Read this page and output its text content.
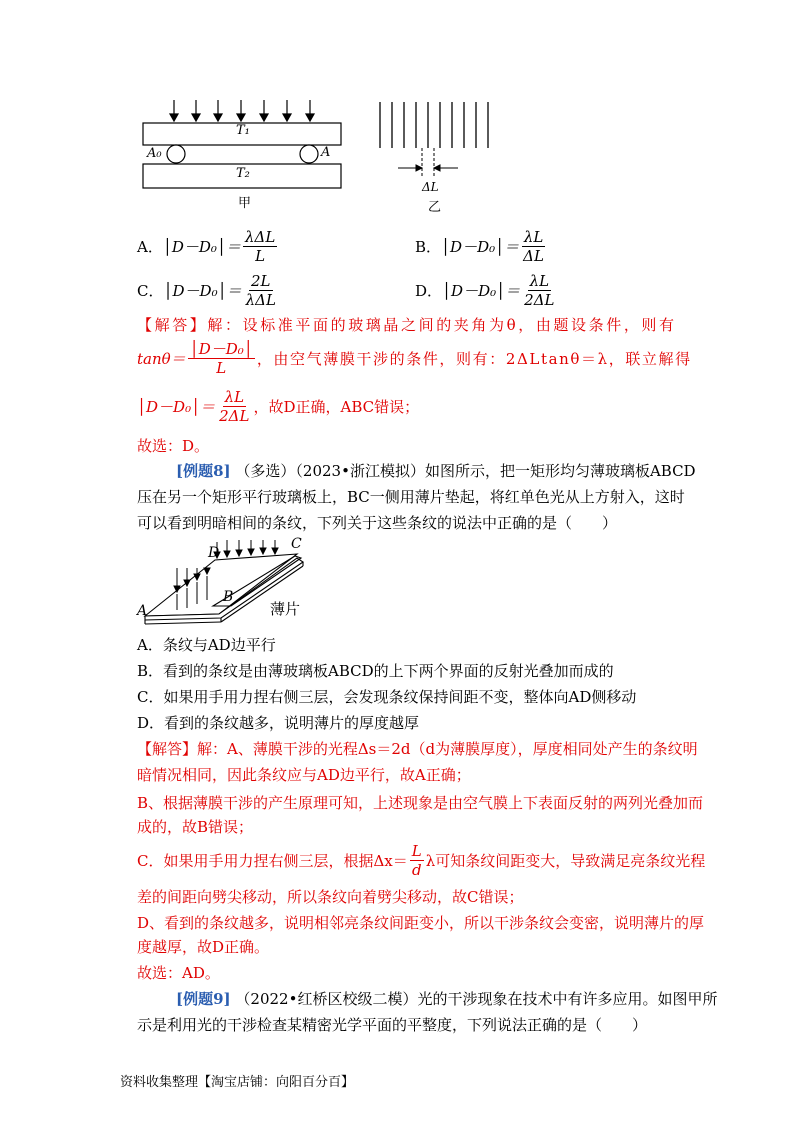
T₁
T₂
A₀	A
甲
ΔL
乙
A． │D－D₀│＝ $\frac{\text{λΔL}}{L}$	B． │D－D₀│＝ $\frac{\lambda L}{\Delta L}$
C． │D－D₀│＝ $\frac{2L}{\text{λΔL}}$	D． │D－D₀│＝ $\frac{\lambda L}{2\Delta L}$
【解答】解：设标准平面的玻璃晶之间的夹角为θ，由题设条件，则有
$\tan\theta= \frac{\text{│D－D₀│}}{L}$ ，由空气薄膜干涉的条件，则有：2ΔLtanθ＝λ，联立解得
│D－D₀│＝ $\frac{\lambda L}{2\Delta L}$ ，故D正确，ABC错误；
故选：D。
[例题8] （多选）（2023•浙江模拟）如图所示，把一矩形均匀薄玻璃板ABCD
压在另一个矩形平行玻璃板上，BC一侧用薄片垫起，将红单色光从上方射入，这时
可以看到明暗相间的条纹，下列关于这些条纹的说法中正确的是（　　）
A
B
C
D
薄片
A．条纹与AD边平行
B．看到的条纹是由薄玻璃板ABCD的上下两个界面的反射光叠加而成的
C．如果用手用力捏右侧三层，会发现条纹保持间距不变，整体向AD侧移动
D．看到的条纹越多，说明薄片的厚度越厚
【解答】解：A、薄膜干涉的光程Δs＝2d（d为薄膜厚度），厚度相同处产生的条纹明
暗情况相同，因此条纹应与AD边平行，故A正确；
B、根据薄膜干涉的产生原理可知，上述现象是由空气膜上下表面反射的两列光叠加而
成的，故B错误；
C．如果用手用力捏右侧三层，根据$\Delta x= \frac{L}{d}$ λ可知条纹间距变大，导致满足亮条纹光程
差的间距向劈尖移动，所以条纹向着劈尖移动，故C错误；
D、看到的条纹越多，说明相邻亮条纹间距变小，所以干涉条纹会变密，说明薄片的厚
度越厚，故D正确。
故选：AD。
[例题9] （2022•红桥区校级二模）光的干涉现象在技术中有许多应用。如图甲所
示是利用光的干涉检查某精密光学平面的平整度，下列说法正确的是（　　）
资料收集整理【淘宝店铺：向阳百分百】
